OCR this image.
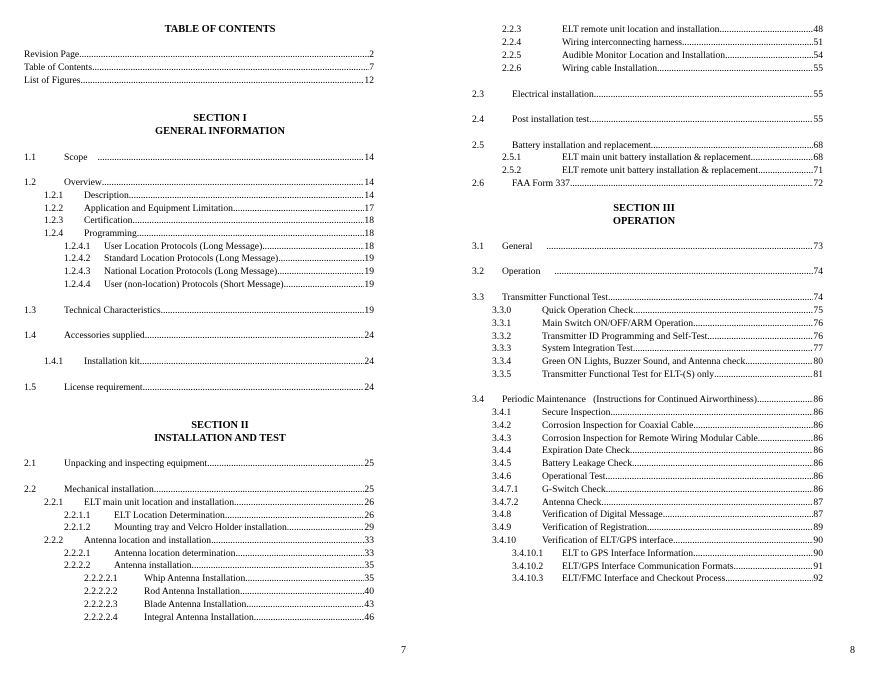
TABLE OF CONTENTS
Revision Page .....	2
Table of Contents .....	7
List of Figures .....	12
SECTION I
GENERAL INFORMATION
1.1	Scope .....	14
1.2	Overview .....	14
1.2.1 Description .....	14
1.2.2 Application and Equipment Limitation .....	17
1.2.3 Certification .....	18
1.2.4 Programming .....	18
1.2.4.1 User Location Protocols (Long Message) .....	18
1.2.4.2 Standard Location Protocols (Long Message) .....	19
1.2.4.3 National Location Protocols (Long Message) .....	19
1.2.4.4 User (non-location) Protocols (Short Message) .....	19
1.3	Technical Characteristics .....	19
1.4	Accessories supplied .....	24
1.4.1 Installation kit .....	24
1.5	License requirement .....	24
SECTION II
INSTALLATION AND TEST
2.1	Unpacking and inspecting equipment .....	25
2.2	Mechanical installation .....	25
2.2.1 ELT main unit location and installation .....	26
2.2.1.1 ELT Location Determination .....	26
2.2.1.2 Mounting tray and Velcro Holder installation .....	29
2.2.2 Antenna location and installation .....	33
2.2.2.1 Antenna location determination .....	33
2.2.2.2 Antenna installation .....	35
2.2.2.2.1	Whip Antenna Installation .....	35
2.2.2.2.2	Rod Antenna Installation .....	40
2.2.2.2.3	Blade Antenna Installation .....	43
2.2.2.2.4	Integral Antenna Installation .....	46
7
2.2.3	ELT remote unit location and installation .....	48
2.2.4	Wiring interconnecting harness .....	51
2.2.5	Audible Monitor Location and Installation .....	54
2.2.6	Wiring cable Installation .....	55
2.3	Electrical installation .....	55
2.4	Post installation test .....	55
2.5	Battery installation and replacement .....	68
2.5.1	ELT main unit battery installation & replacement .....	68
2.5.2	ELT remote unit battery installation & replacement .....	71
2.6	FAA Form 337 .....	72
SECTION III
OPERATION
3.1 General .....	73
3.2 Operation .....	74
3.3 Transmitter Functional Test .....	74
3.3.0	Quick Operation Check .....	75
3.3.1	Main Switch ON/OFF/ARM Operation .....	76
3.3.2	Transmitter ID Programming and Self-Test .....	76
3.3.3	System Integration Test .....	77
3.3.4	Green ON Lights, Buzzer Sound, and Antenna check .....	80
3.3.5	Transmitter Functional Test for ELT-(S) only .....	81
3.4 Periodic Maintenance   (Instructions for Continued Airworthiness) .....	86
3.4.1	Secure Inspection .....	86
3.4.2	Corrosion Inspection for Coaxial Cable .....	86
3.4.3	Corrosion Inspection for Remote Wiring Modular Cable .....	86
3.4.4	Expiration Date Check .....	86
3.4.5	Battery Leakage Check .....	86
3.4.6	Operational Test .....	86
3.4.7.1 G-Switch Check .....	86
3.4.7.2 Antenna Check .....	87
3.4.8	Verification of Digital Message .....	87
3.4.9	Verification of Registration .....	89
3.4.10	Verification of ELT/GPS interface .....	90
3.4.10.1 ELT to GPS Interface Information .....	90
3.4.10.2 ELT/GPS Interface Communication Formats .....	91
3.4.10.3 ELT/FMC Interface and Checkout Process .....	92
8
